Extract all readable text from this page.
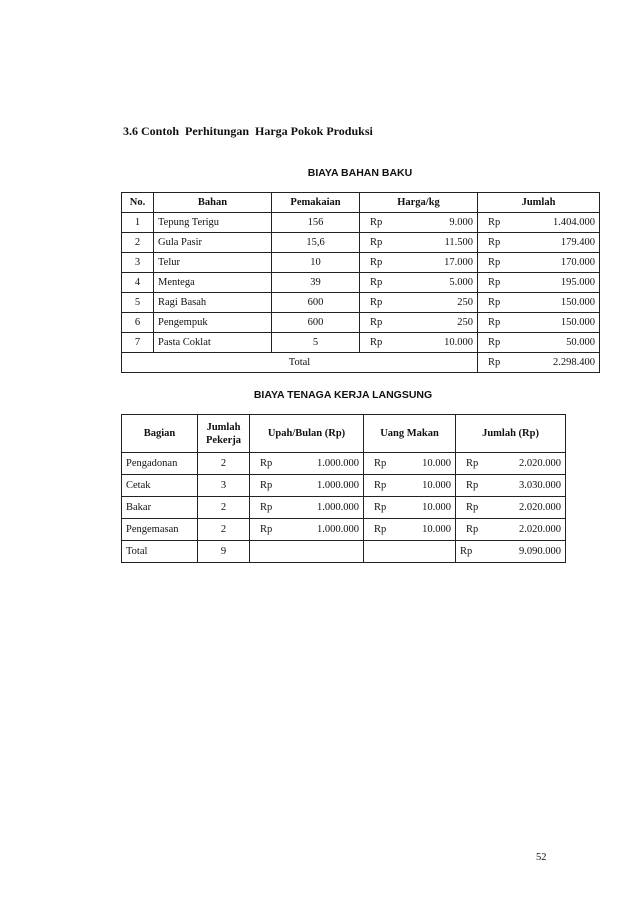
3.6 Contoh  Perhitungan  Harga Pokok Produksi
BIAYA BAHAN BAKU
No.	Bahan	Pemakaian	Harga/kg		Jumlah	
1	Tepung Terigu	156	Rp	9.000	Rp	1.404.000
2	Gula Pasir	15,6	Rp	11.500	Rp	179.400
3	Telur	10	Rp	17.000	Rp	170.000
4	Mentega	39	Rp	5.000	Rp	195.000
5	Ragi Basah	600	Rp	250	Rp	150.000
6	Pengempuk	600	Rp	250	Rp	150.000
7	Pasta Coklat	5	Rp	10.000	Rp	50.000
Total					Rp	2.298.400
BIAYA TENAGA KERJA LANGSUNG
Bagian	Jumlah Pekerja	Upah/Bulan (Rp)		Uang Makan		Jumlah (Rp)	
Pengadonan	2	Rp	1.000.000	Rp	10.000	Rp	2.020.000
Cetak	3	Rp	1.000.000	Rp	10.000	Rp	3.030.000
Bakar	2	Rp	1.000.000	Rp	10.000	Rp	2.020.000
Pengemasan	2	Rp	1.000.000	Rp	10.000	Rp	2.020.000
Total	9					Rp	9.090.000
52
